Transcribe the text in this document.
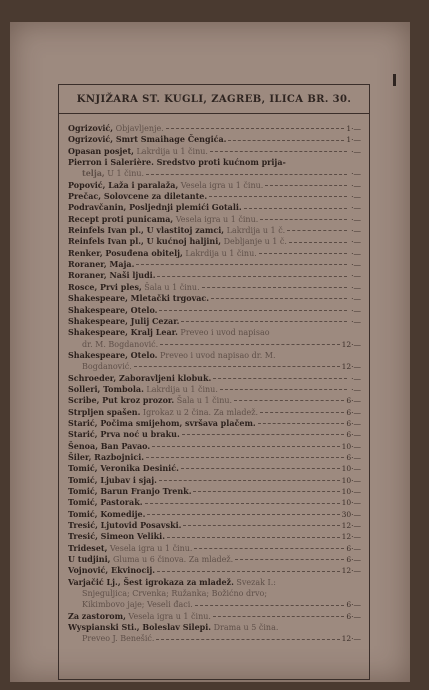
KNJIŽARA ST. KUGLI, ZAGREB, ILICA BR. 30.
Ogrizović, Objavljenje.	1·—
Ogrizović, Smrt Smaihage Čengića.	1·—
Opasan posjet, Lakrdija u 1 činu.	·—
Pierron i Salerière. Sredstvo proti kućnom prija-
telja, U 1 činu.	·—
Popović, Laža i paralaža, Vesela igra u 1 činu.	·—
Prečac, Solovcene za diletante.	·—
Podravčanin, Posljednji plemići Gotali.	·—
Recept proti punicama, Vesela igra u 1 činu.	·—
Reinfels Ivan pl., U vlastitoj zamci, Lakrdija u 1 č.	·—
Reinfels Ivan pl., U kućnoj haljini, Debljanje u 1 č.	·—
Renker, Posuđena obitelj, Lakrdija u 1 činu.	·—
Roraner, Maja.	·—
Roraner, Naši ljudi.	·—
Rosce, Prvi ples, Šala u 1 činu.	·—
Shakespeare, Mletački trgovac.	·—
Shakespeare, Otelo.	·—
Shakespeare, Julij Cezar.	·—
Shakespeare, Kralj Lear. Preveo i uvod napisao
dr. M. Bogdanović.	12·—
Shakespeare, Otelo. Preveo i uvod napisao dr. M.
Bogdanović.	12·—
Schroeder, Zaboravljeni klobuk.	·—
Solleri, Tombola. Lakrdija u 1 činu.	·—
Scribe, Put kroz prozor. Šala u 1 činu.	6·—
Strpljen spašen. Igrokaz u 2 čina. Za mladež.	6·—
Starić, Počima smijehom, svršava plačem.	6·—
Starić, Prva noć u braku.	6·—
Šenoa, Ban Pavao.	10·—
Šiler, Razbojnici.	6·—
Tomić, Veronika Desinić.	10·—
Tomić, Ljubav i sjaj.	10·—
Tomić, Barun Franjo Trenk.	10·—
Tomić, Pastorak.	10·—
Tomić, Komedije.	30·—
Tresić, Ljutovid Posavski.	12·—
Tresić, Simeon Veliki.	12·—
Trideset, Vesela igra u 1 činu.	6·—
U tudjini, Gluma u 6 činova. Za mladež.	6·—
Vojnović, Ekvinocij.	12·—
Varjačić Lj., Šest igrokaza za mladež. Svezak I.:
Snjeguljica; Crvenka; Ružanka; Božićno drvo;
Kikimbovo jaje; Veseli đaci.	6·—
Za zastorom, Vesela igra u 1 činu.	6·—
Wyspianski Sti., Boleslav Silepi. Drama u 5 čina.
Preveo J. Benešić.	12·—
